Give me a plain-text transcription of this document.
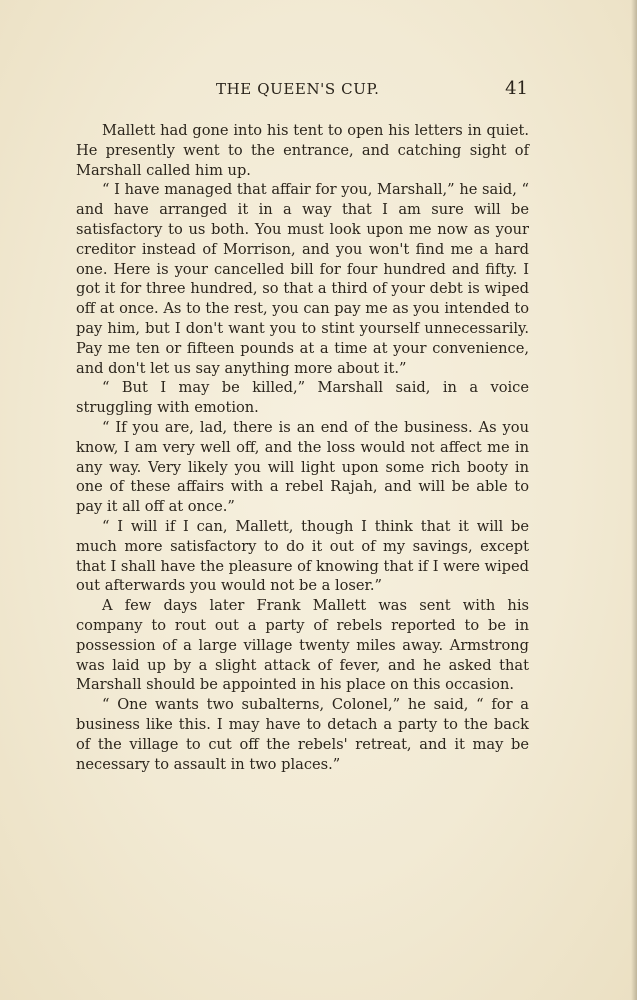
THE QUEEN'S CUP.	41

Mallett had gone into his tent to open his letters in quiet. He presently went to the entrance, and catching sight of Marshall called him up.

“ I have managed that affair for you, Marshall,” he said, “ and have arranged it in a way that I am sure will be satisfactory to us both. You must look upon me now as your creditor instead of Morrison, and you won't find me a hard one. Here is your cancelled bill for four hundred and fifty. I got it for three hundred, so that a third of your debt is wiped off at once. As to the rest, you can pay me as you intended to pay him, but I don't want you to stint yourself unnecessarily. Pay me ten or fifteen pounds at a time at your convenience, and don't let us say anything more about it.”

“ But I may be killed,” Marshall said, in a voice struggling with emotion.

“ If you are, lad, there is an end of the business. As you know, I am very well off, and the loss would not affect me in any way. Very likely you will light upon some rich booty in one of these affairs with a rebel Rajah, and will be able to pay it all off at once.”

“ I will if I can, Mallett, though I think that it will be much more satisfactory to do it out of my savings, except that I shall have the pleasure of knowing that if I were wiped out afterwards you would not be a loser.”

A few days later Frank Mallett was sent with his company to rout out a party of rebels reported to be in possession of a large village twenty miles away. Armstrong was laid up by a slight attack of fever, and he asked that Marshall should be appointed in his place on this occasion.

“ One wants two subalterns, Colonel,” he said, “ for a business like this. I may have to detach a party to the back of the village to cut off the rebels' retreat, and it may be necessary to assault in two places.”
